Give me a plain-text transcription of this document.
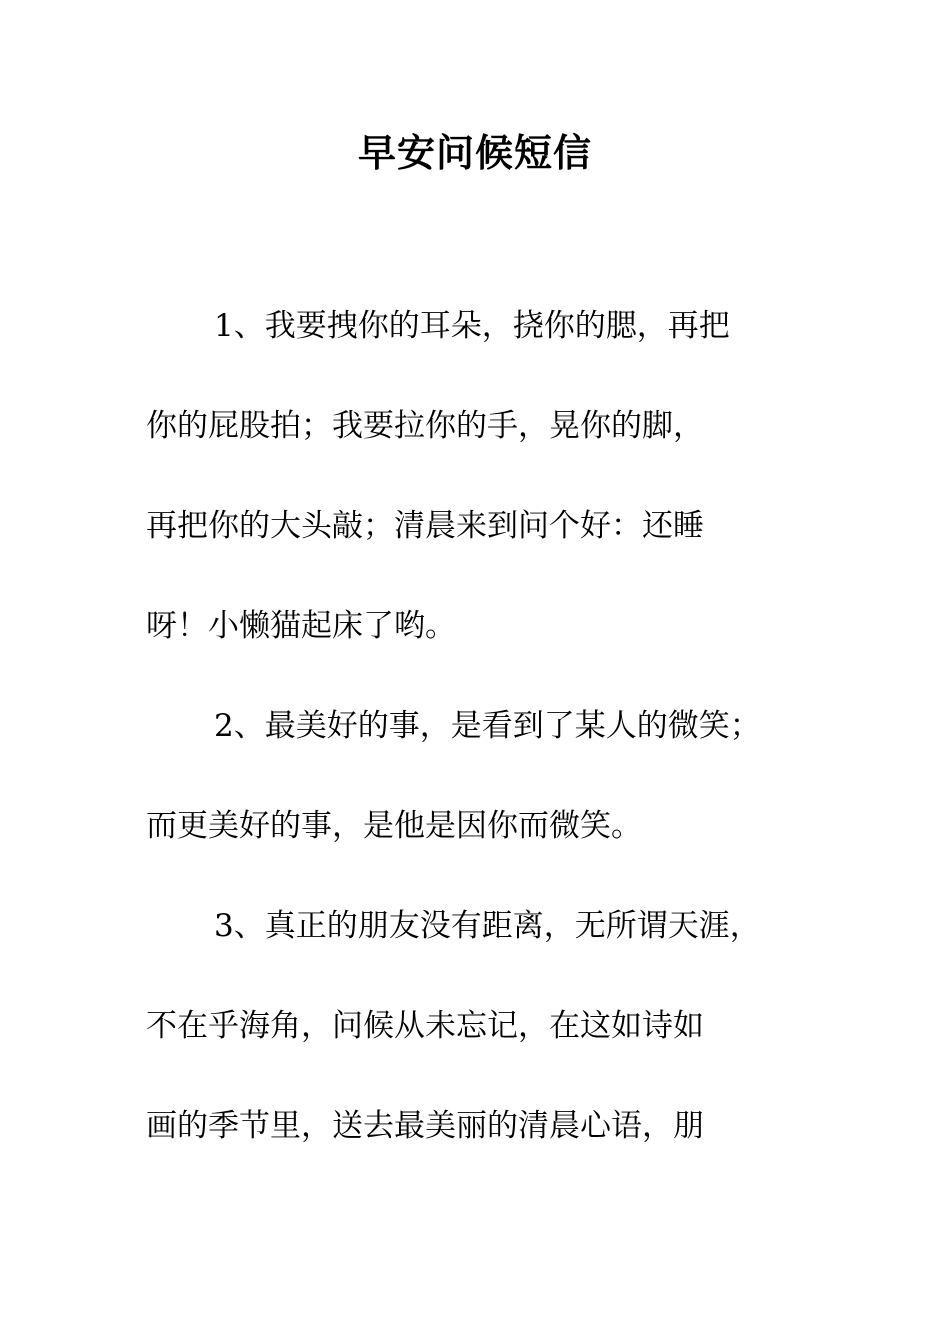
早安问候短信
1、我要拽你的耳朵，挠你的腮，再把
你的屁股拍；我要拉你的手，晃你的脚，
再把你的大头敲；清晨来到问个好：还睡
呀！小懒猫起床了哟。
2、最美好的事，是看到了某人的微笑；
而更美好的事，是他是因你而微笑。
3、真正的朋友没有距离，无所谓天涯，
不在乎海角，问候从未忘记，在这如诗如
画的季节里，送去最美丽的清晨心语，朋
